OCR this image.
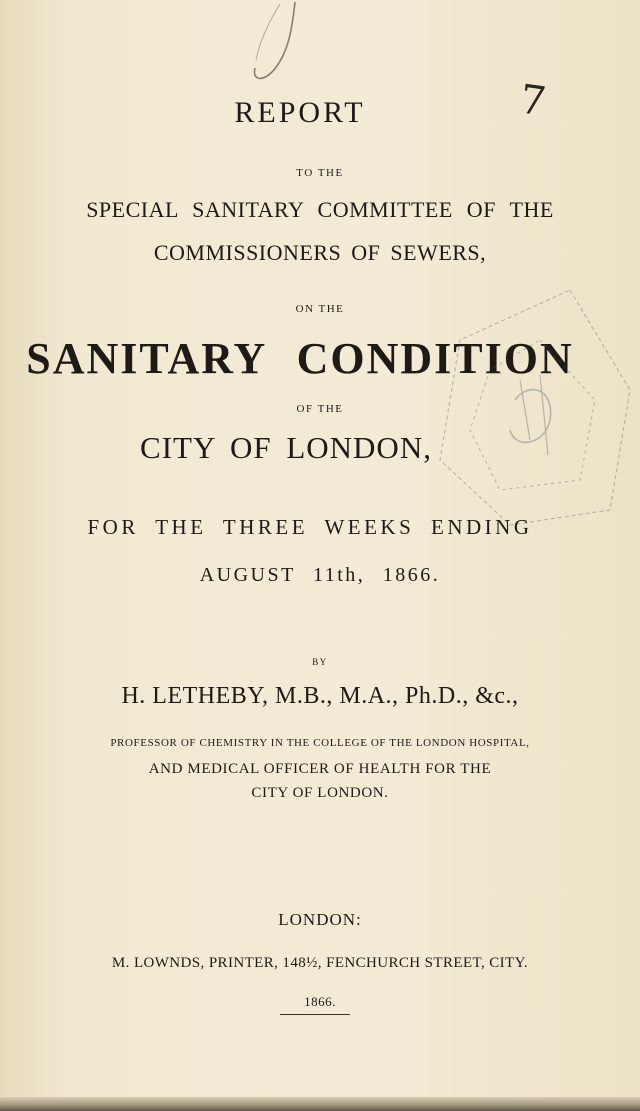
REPORT	7
TO THE
SPECIAL SANITARY COMMITTEE OF THE
COMMISSIONERS OF SEWERS,
ON THE
SANITARY CONDITION
OF THE
CITY OF LONDON,
FOR THE THREE WEEKS ENDING
AUGUST 11th, 1866.
BY
H. LETHEBY, M.B., M.A., Ph.D., &c.,
PROFESSOR OF CHEMISTRY IN THE COLLEGE OF THE LONDON HOSPITAL,
AND MEDICAL OFFICER OF HEALTH FOR THE
CITY OF LONDON.
LONDON:
M. LOWNDS, PRINTER, 148½, FENCHURCH STREET, CITY.
1866.
